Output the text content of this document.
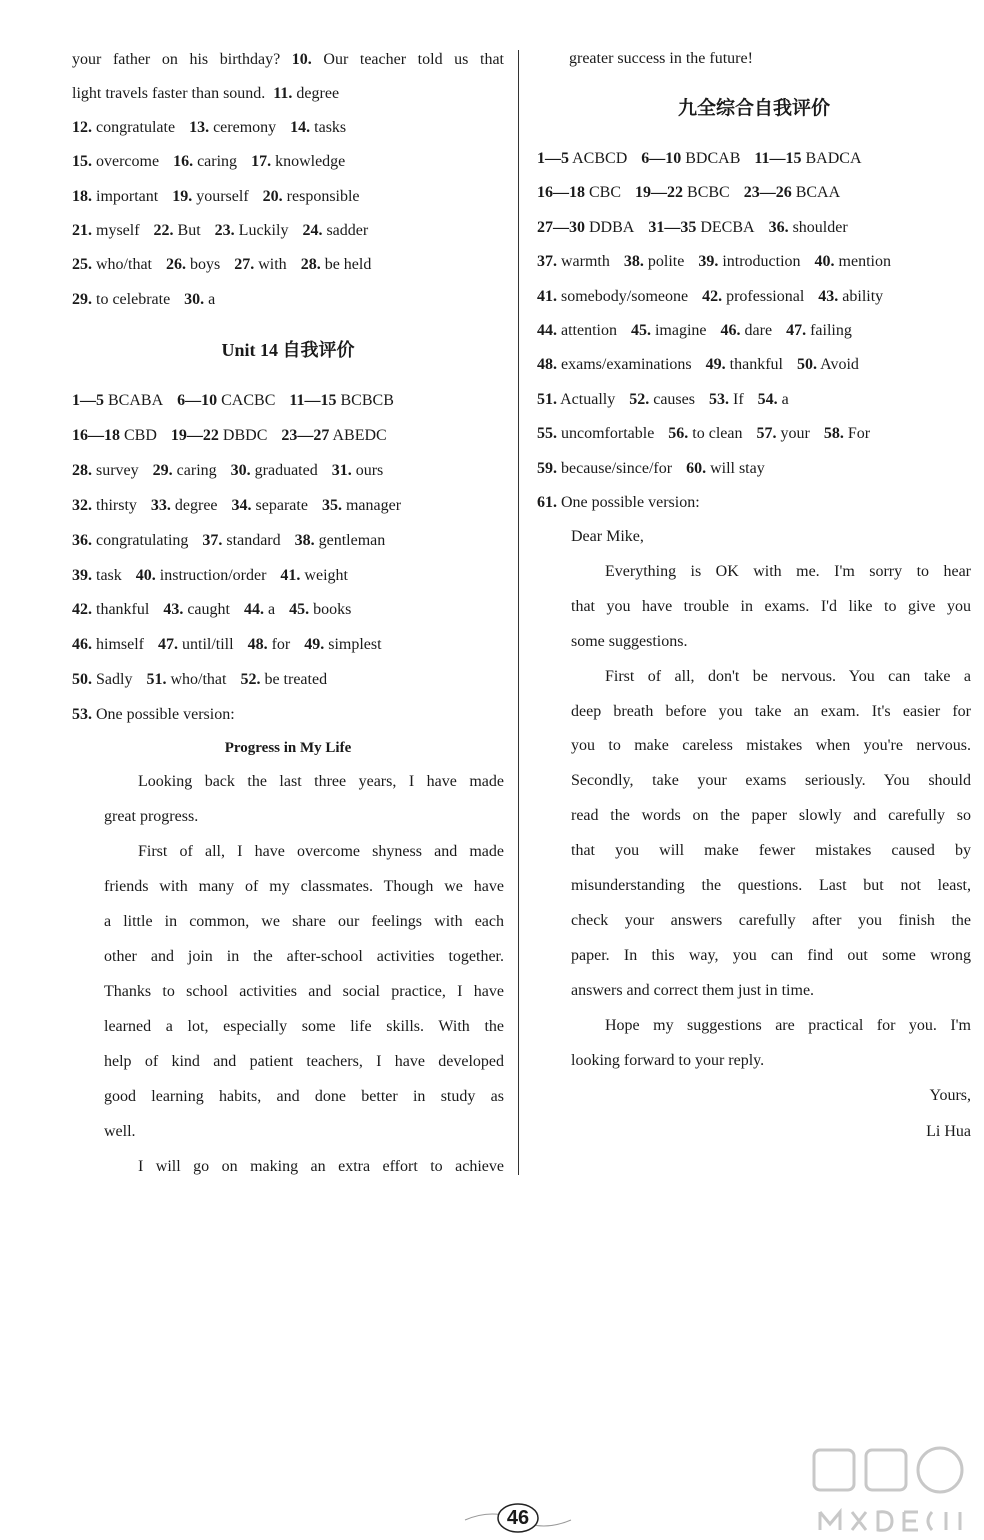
your father on his birthday? 10. Our teacher told us that
light travels faster than sound. 11. degree
12. congratulate 13. ceremony 14. tasks
15. overcome 16. caring 17. knowledge
18. important 19. yourself 20. responsible
21. myself 22. But 23. Luckily 24. sadder
25. who/that 26. boys 27. with 28. be held
29. to celebrate 30. a
Unit 14 自我评价
1—5 BCABA 6—10 CACBC 11—15 BCBCB
16—18 CBD 19—22 DBDC 23—27 ABEDC
28. survey 29. caring 30. graduated 31. ours
32. thirsty 33. degree 34. separate 35. manager
36. congratulating 37. standard 38. gentleman
39. task 40. instruction/order 41. weight
42. thankful 43. caught 44. a 45. books
46. himself 47. until/till 48. for 49. simplest
50. Sadly 51. who/that 52. be treated
53. One possible version:
Progress in My Life
Looking back the last three years, I have made
great progress.
First of all, I have overcome shyness and made
friends with many of my classmates. Though we have
a little in common, we share our feelings with each
other and join in the after-school activities together.
Thanks to school activities and social practice, I have
learned a lot, especially some life skills. With the
help of kind and patient teachers, I have developed
good learning habits, and done better in study as
well.
I will go on making an extra effort to achieve
greater success in the future!
九全综合自我评价
1—5 ACBCD 6—10 BDCAB 11—15 BADCA
16—18 CBC 19—22 BCBC 23—26 BCAA
27—30 DDBA 31—35 DECBA 36. shoulder
37. warmth 38. polite 39. introduction 40. mention
41. somebody/someone 42. professional 43. ability
44. attention 45. imagine 46. dare 47. failing
48. exams/examinations 49. thankful 50. Avoid
51. Actually 52. causes 53. If 54. a
55. uncomfortable 56. to clean 57. your 58. For
59. because/since/for 60. will stay
61. One possible version:
Dear Mike,
Everything is OK with me. I'm sorry to hear
that you have trouble in exams. I'd like to give you
some suggestions.
First of all, don't be nervous. You can take a
deep breath before you take an exam. It's easier for
you to make careless mistakes when you're nervous.
Secondly, take your exams seriously. You should
read the words on the paper slowly and carefully so
that you will make fewer mistakes caused by
misunderstanding the questions. Last but not least,
check your answers carefully after you finish the
paper. In this way, you can find out some wrong
answers and correct them just in time.
Hope my suggestions are practical for you. I'm
looking forward to your reply.
Yours,
Li Hua
46
